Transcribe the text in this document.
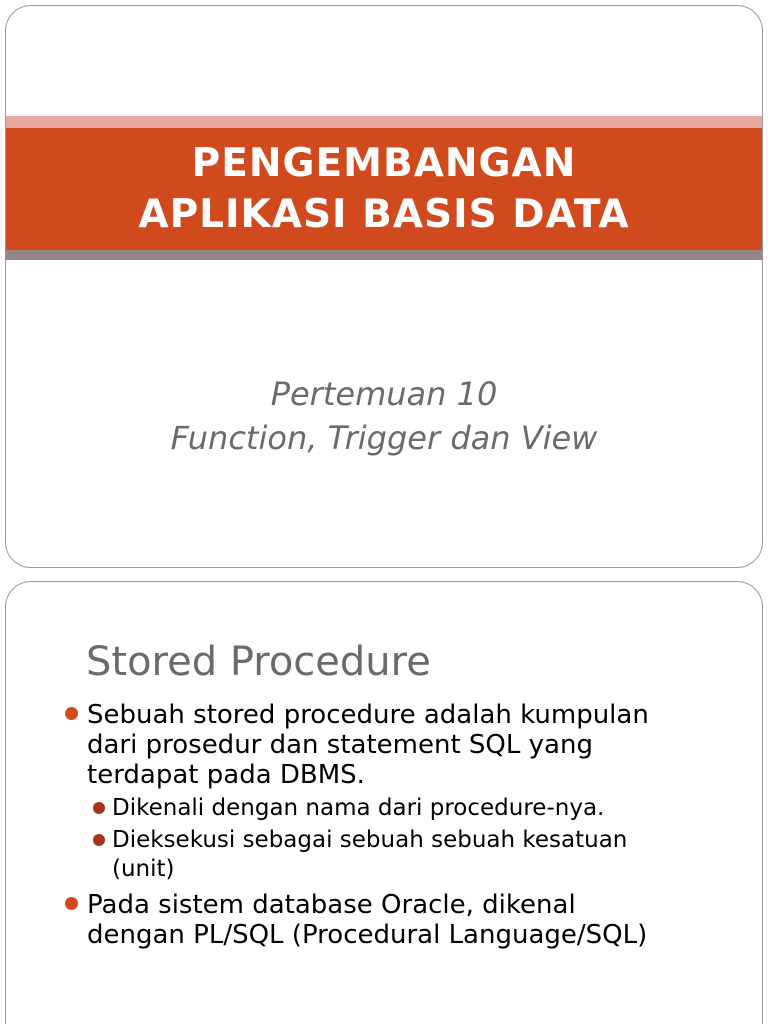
PENGEMBANGAN
APLIKASI BASIS DATA
Pertemuan 10
Function, Trigger dan View
Stored Procedure
Sebuah stored procedure adalah kumpulan
dari prosedur dan statement SQL yang
terdapat pada DBMS.
Dikenali dengan nama dari procedure-nya.
Dieksekusi sebagai sebuah sebuah kesatuan
(unit)
Pada sistem database Oracle, dikenal
dengan PL/SQL (Procedural Language/SQL)
